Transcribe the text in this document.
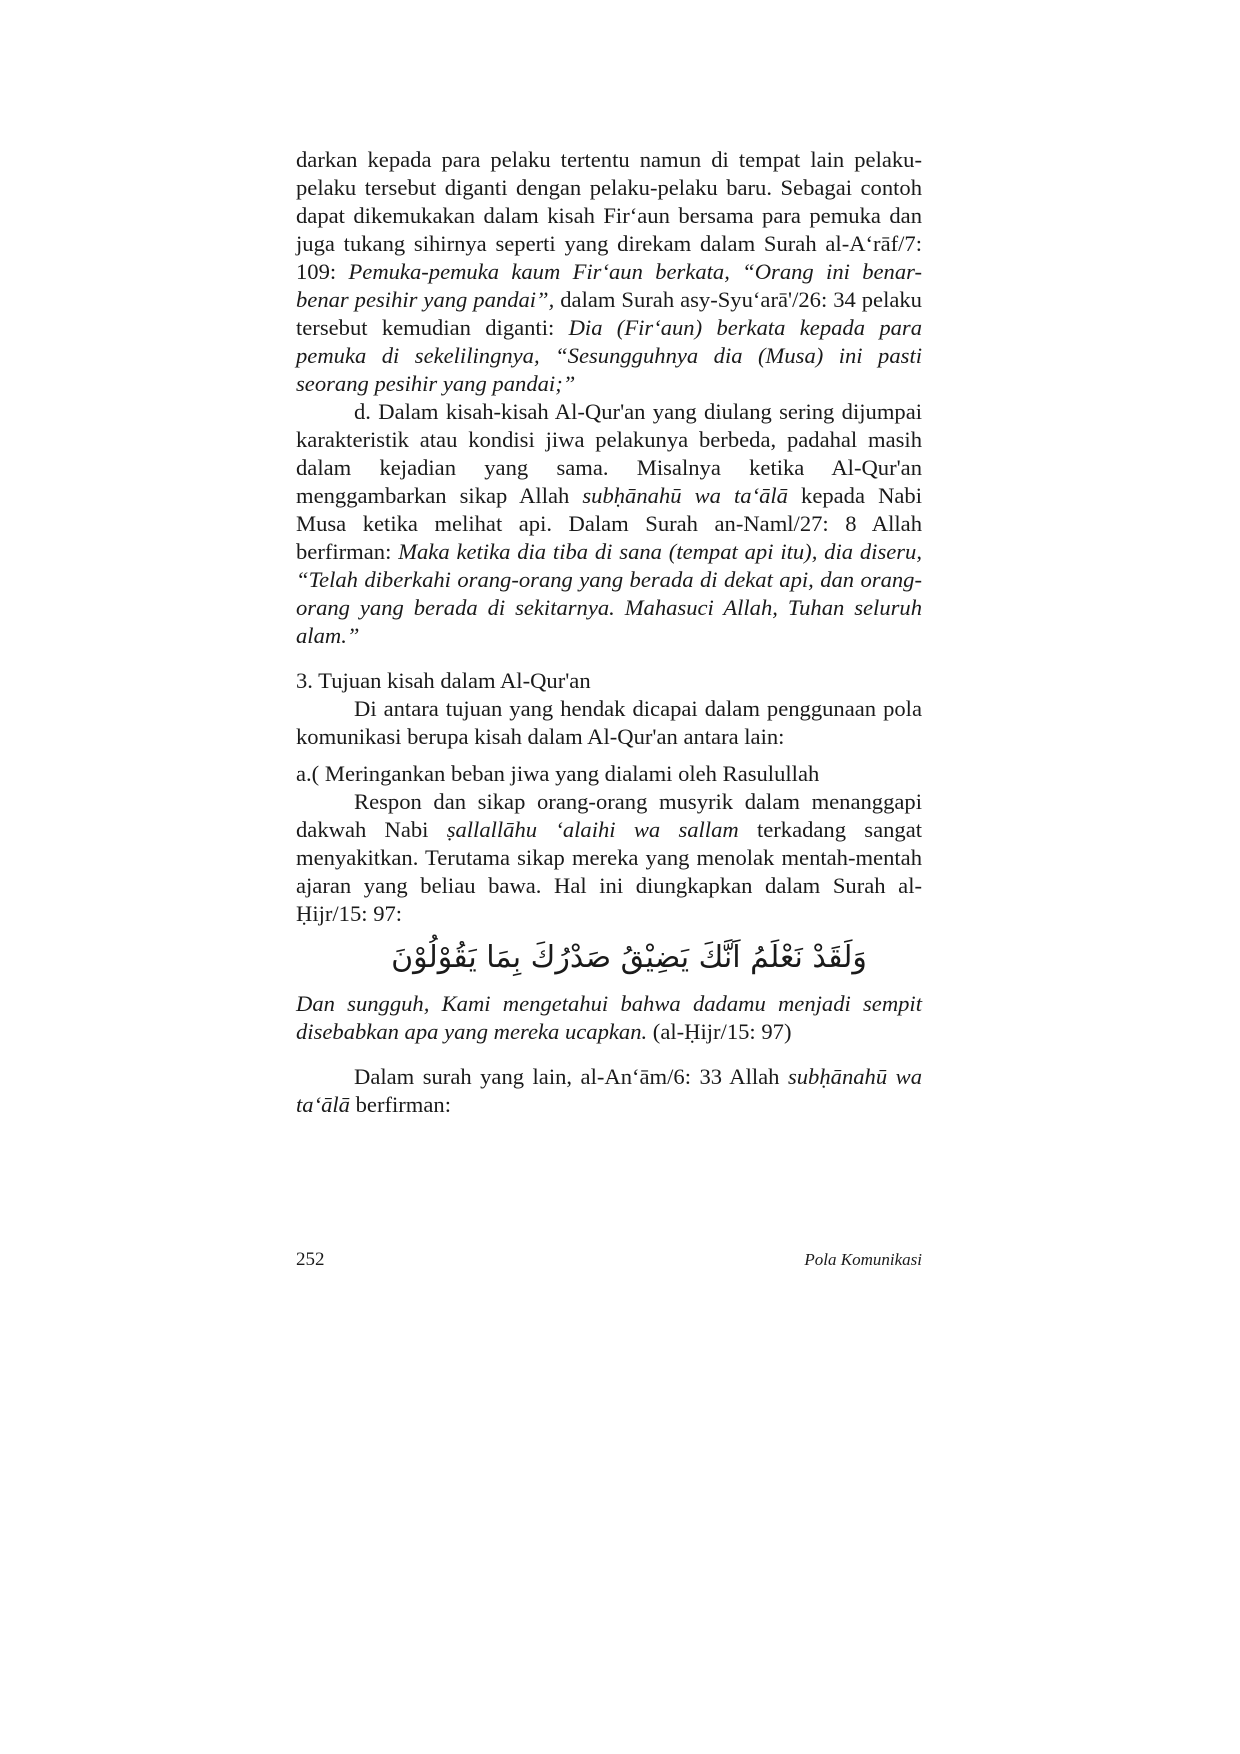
darkan kepada para pelaku tertentu namun di tempat lain pelaku-pelaku tersebut diganti dengan pelaku-pelaku baru. Sebagai contoh dapat dikemukakan dalam kisah Fir‘aun bersama para pemuka dan juga tukang sihirnya seperti yang direkam dalam Surah al-A‘rāf/7: 109: Pemuka-pemuka kaum Fir‘aun berkata, “Orang ini benar-benar pesihir yang pandai”, dalam Surah asy-Syu‘arā'/26: 34 pelaku tersebut kemudian diganti: Dia (Fir‘aun) berkata kepada para pemuka di sekelilingnya, “Sesungguhnya dia (Musa) ini pasti seorang pesihir yang pandai;”

d. Dalam kisah-kisah Al-Qur'an yang diulang sering dijumpai karakteristik atau kondisi jiwa pelakunya berbeda, padahal masih dalam kejadian yang sama. Misalnya ketika Al-Qur'an menggambarkan sikap Allah subḥānahū wa ta‘ālā kepada Nabi Musa ketika melihat api. Dalam Surah an-Naml/27: 8 Allah berfirman: Maka ketika dia tiba di sana (tempat api itu), dia diseru, “Telah diberkahi orang-orang yang berada di dekat api, dan orang-orang yang berada di sekitarnya. Mahasuci Allah, Tuhan seluruh alam.”

3. Tujuan kisah dalam Al-Qur'an

Di antara tujuan yang hendak dicapai dalam penggunaan pola komunikasi berupa kisah dalam Al-Qur'an antara lain:

a.( Meringankan beban jiwa yang dialami oleh Rasulullah

Respon dan sikap orang-orang musyrik dalam menanggapi dakwah Nabi ṣallallāhu ‘alaihi wa sallam terkadang sangat menyakitkan. Terutama sikap mereka yang menolak mentah-mentah ajaran yang beliau bawa. Hal ini diungkapkan dalam Surah al-Ḥijr/15: 97:

وَلَقَدْ نَعْلَمُ اَنَّكَ يَضِيْقُ صَدْرُكَ بِمَا يَقُوْلُوْنَ

Dan sungguh, Kami mengetahui bahwa dadamu menjadi sempit disebabkan apa yang mereka ucapkan. (al-Ḥijr/15: 97)

Dalam surah yang lain, al-An‘ām/6: 33 Allah subḥānahū wa ta‘ālā berfirman:

252	Pola Komunikasi
